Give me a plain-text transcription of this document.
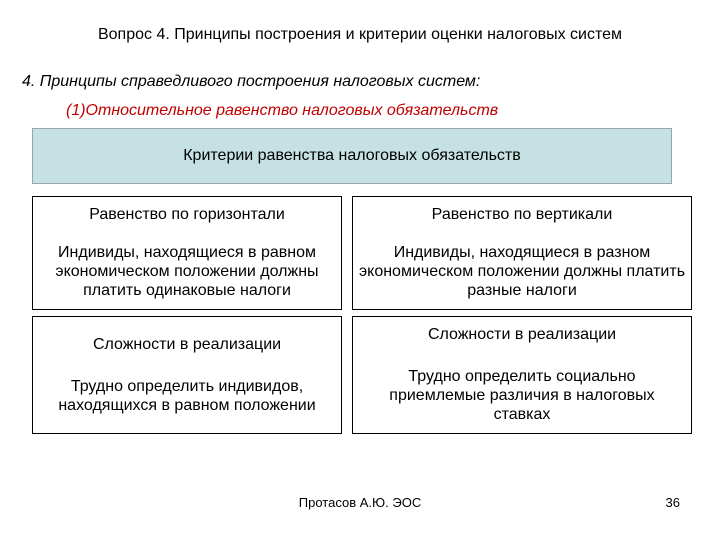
Вопрос 4. Принципы построения и критерии оценки налоговых систем
4. Принципы справедливого построения налоговых систем:
(1)Относительное равенство налоговых обязательств
Критерии равенства налоговых обязательств
Равенство по горизонтали
Индивиды, находящиеся в равном экономическом положении должны платить одинаковые налоги
Равенство по вертикали
Индивиды, находящиеся в разном экономическом положении должны платить разные налоги
Сложности в реализации
Трудно определить индивидов, находящихся в равном положении
Сложности в реализации
Трудно определить социально приемлемые различия в налоговых ставках
Протасов А.Ю. ЭОС	36
